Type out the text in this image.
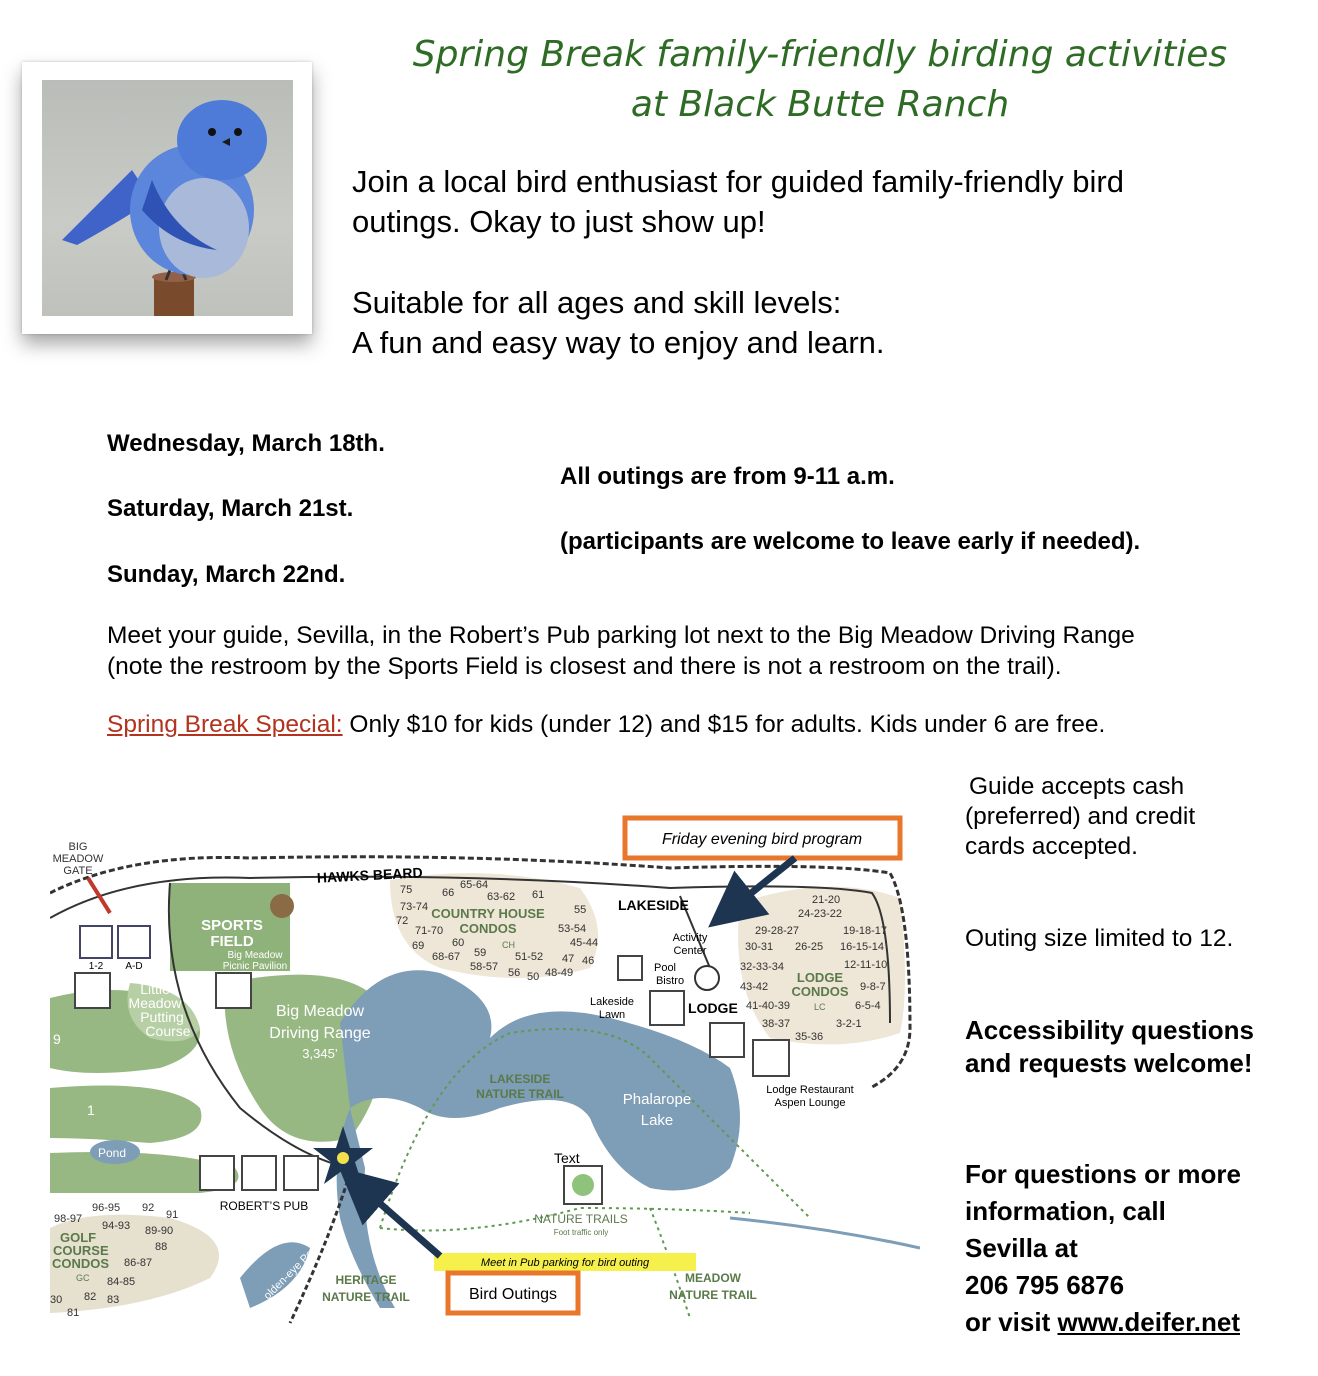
Spring Break family-friendly birding activities
at Black Butte Ranch
Join a local bird enthusiast for guided family-friendly bird
outings. Okay to just show up!
Suitable for all ages and skill levels:
A fun and easy way to enjoy and learn.
Wednesday, March 18th.
Saturday, March 21st.
Sunday, March 22nd.
All outings are from 9-11 a.m.
(participants are welcome to leave early if needed).
Meet your guide, Sevilla, in the Robert’s Pub parking lot next to the Big Meadow Driving Range
(note the restroom by the Sports Field is closest and there is not a restroom on the trail).
Spring Break Special: Only $10 for kids (under 12) and $15 for adults. Kids under 6 are free.
Guide accepts cash
(preferred) and credit
cards accepted.
Outing size limited to 12.
Accessibility questions
and requests welcome!
For questions or more
information, call
Sevilla at
206 795 6876
or visit www.deifer.net
Friday evening bird program
Meet in Pub parking for bird outing
Bird Outings
BIG
MEADOW
GATE	HAWKS BEARD
SPORTS
FIELD
Big Meadow
Picnic Pavilion
1-2 A-D
Little
Meadow
Putting
Course
Big Meadow
Driving Range
3,345’
COUNTRY HOUSE
CONDOS
CH
75	66
65-64
63-62 61
73-74	55
72
71-70	53-54
69	60	45-44
68-67 59	51-52 47 46
58-57 56 50 48-49
LAKESIDE
Activity
Center
Pool
Bistro
Lakeside
Lawn	LODGE
LODGE
CONDOS
LC
21-20
24-23-22
29-28-27	19-18-17
30-31 26-25 16-15-14
32-33-34	12-11-10
43-42	9-8-7
41-40-39	6-5-4
38-37	3-2-1
35-36
Lodge Restaurant
Aspen Lounge
LAKESIDE
NATURE TRAIL	Phalarope
Lake
Text
NATURE TRAILS
Foot traffic only
ROBERT’S PUB
Pond
9
1
GOLF
COURSE
CONDOS
GC
96-95 92
98-97	91
94-93 89-90
88
86-87
84-85
82 83
30
81
HERITAGE
NATURE TRAIL
olden-eye Pond	MEADOW
NATURE TRAIL
